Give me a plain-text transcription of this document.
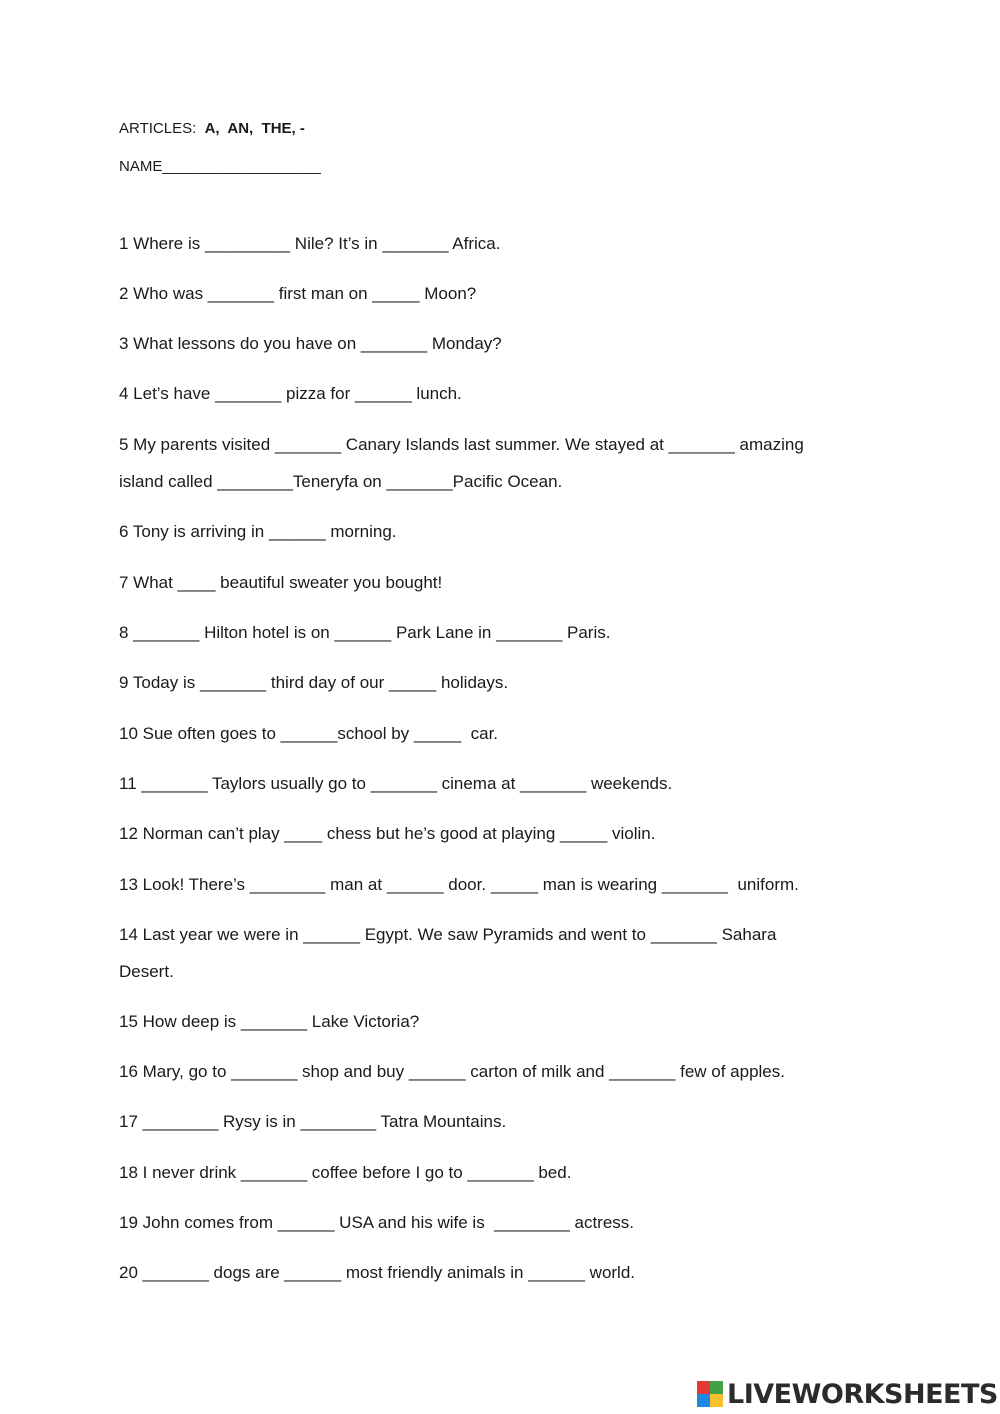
ARTICLES:  A,  AN,  THE, -
NAME___________________
1 Where is _________ Nile? It’s in _______ Africa.
2 Who was _______ first man on _____ Moon?
3 What lessons do you have on _______ Monday?
4 Let’s have _______ pizza for ______ lunch.
5 My parents visited _______ Canary Islands last summer. We stayed at _______ amazing
island called ________Teneryfa on _______Pacific Ocean.
6 Tony is arriving in ______ morning.
7 What ____ beautiful sweater you bought!
8 _______ Hilton hotel is on ______ Park Lane in _______ Paris.
9 Today is _______ third day of our _____ holidays.
10 Sue often goes to ______school by _____  car.
11 _______ Taylors usually go to _______ cinema at _______ weekends.
12 Norman can’t play ____ chess but he’s good at playing _____ violin.
13 Look! There’s ________ man at ______ door. _____ man is wearing _______  uniform.
14 Last year we were in ______ Egypt. We saw Pyramids and went to _______ Sahara
Desert.
15 How deep is _______ Lake Victoria?
16 Mary, go to _______ shop and buy ______ carton of milk and _______ few of apples.
17 ________ Rysy is in ________ Tatra Mountains.
18 I never drink _______ coffee before I go to _______ bed.
19 John comes from ______ USA and his wife is  ________ actress.
20 _______ dogs are ______ most friendly animals in ______ world.
LIVEWORKSHEETS
